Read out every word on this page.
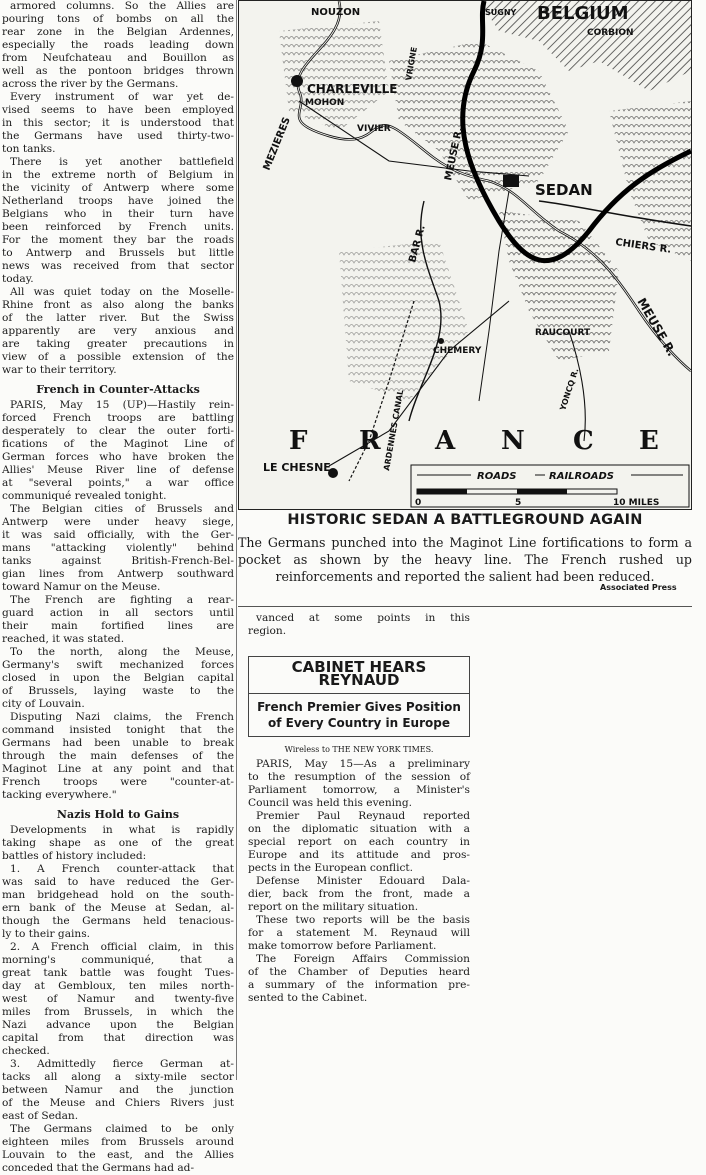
armored columns. So the Allies are
pouring tons of bombs on all the
rear zone in the Belgian Ardennes,
especially the roads leading down
from Neufchateau and Bouillon as
well as the pontoon bridges thrown
across the river by the Germans.
Every instrument of war yet de-
vised seems to have been employed
in this sector; it is understood that
the Germans have used thirty-two-
ton tanks.
There is yet another battlefield
in the extreme north of Belgium in
the vicinity of Antwerp where some
Netherland troops have joined the
Belgians who in their turn have
been reinforced by French units.
For the moment they bar the roads
to Antwerp and Brussels but little
news was received from that sector
today.
All was quiet today on the Moselle-
Rhine front as also along the banks
of the latter river. But the Swiss
apparently are very anxious and
are taking greater precautions in
view of a possible extension of the
war to their territory.
French in Counter-Attacks
PARIS, May 15 (UP)—Hastily rein-
forced French troops are battling
desperately to clear the outer forti-
fications of the Maginot Line of
German forces who have broken the
Allies' Meuse River line of defense
at "several points," a war office
communiqué revealed tonight.
The Belgian cities of Brussels and
Antwerp were under heavy siege,
it was said officially, with the Ger-
mans "attacking violently" behind
tanks against British-French-Bel-
gian lines from Antwerp southward
toward Namur on the Meuse.
The French are fighting a rear-
guard action in all sectors until
their main fortified lines are
reached, it was stated.
To the north, along the Meuse,
Germany's swift mechanized forces
closed in upon the Belgian capital
of Brussels, laying waste to the
city of Louvain.
Disputing Nazi claims, the French
command insisted tonight that the
Germans had been unable to break
through the main defenses of the
Maginot Line at any point and that
French troops were "counter-at-
tacking everywhere."
Nazis Hold to Gains
Developments in what is rapidly
taking shape as one of the great
battles of history included:
1. A French counter-attack that
was said to have reduced the Ger-
man bridgehead hold on the south-
ern bank of the Meuse at Sedan, al-
though the Germans held tenacious-
ly to their gains.
2. A French official claim, in this
morning's communiqué, that a
great tank battle was fought Tues-
day at Gembloux, ten miles north-
west of Namur and twenty-five
miles from Brussels, in which the
Nazi advance upon the Belgian
capital from that direction was
checked.
3. Admittedly fierce German at-
tacks all along a sixty-mile sector
between Namur and the junction
of the Meuse and Chiers Rivers just
east of Sedan.
The Germans claimed to be only
eighteen miles from Brussels around
Louvain to the east, and the Allies
conceded that the Germans had ad-
NOUZON	SUGNY BELGIUM
CORBION
CHARLEVILLE
MOHON
MEZIERES
VRIGNE
VIVIER	MEUSE R.
SEDAN
BAR R.	CHIERS R.
RAUCOURT
CHEMERY	MEUSE R.
YONCQ R.
ARDENNES CANAL
F R A N C E
LE CHESNE
ROADS	RAILROADS
0	5	10 MILES
HISTORIC SEDAN A BATTLEGROUND AGAIN
The Germans punched into the Maginot Line fortifications to form a pocket as shown by the heavy line. The French rushed up reinforcements and reported the salient had been reduced.
Associated Press
vanced at some points in this
region.
CABINET HEARS REYNAUD
French Premier Gives Position of Every Country in Europe
Wireless to THE NEW YORK TIMES.
PARIS, May 15—As a preliminary
to the resumption of the session of
Parliament tomorrow, a Minister's
Council was held this evening.
Premier Paul Reynaud reported
on the diplomatic situation with a
special report on each country in
Europe and its attitude and pros-
pects in the European conflict.
Defense Minister Edouard Dala-
dier, back from the front, made a
report on the military situation.
These two reports will be the basis
for a statement M. Reynaud will
make tomorrow before Parliament.
The Foreign Affairs Commission
of the Chamber of Deputies heard
a summary of the information pre-
sented to the Cabinet.
